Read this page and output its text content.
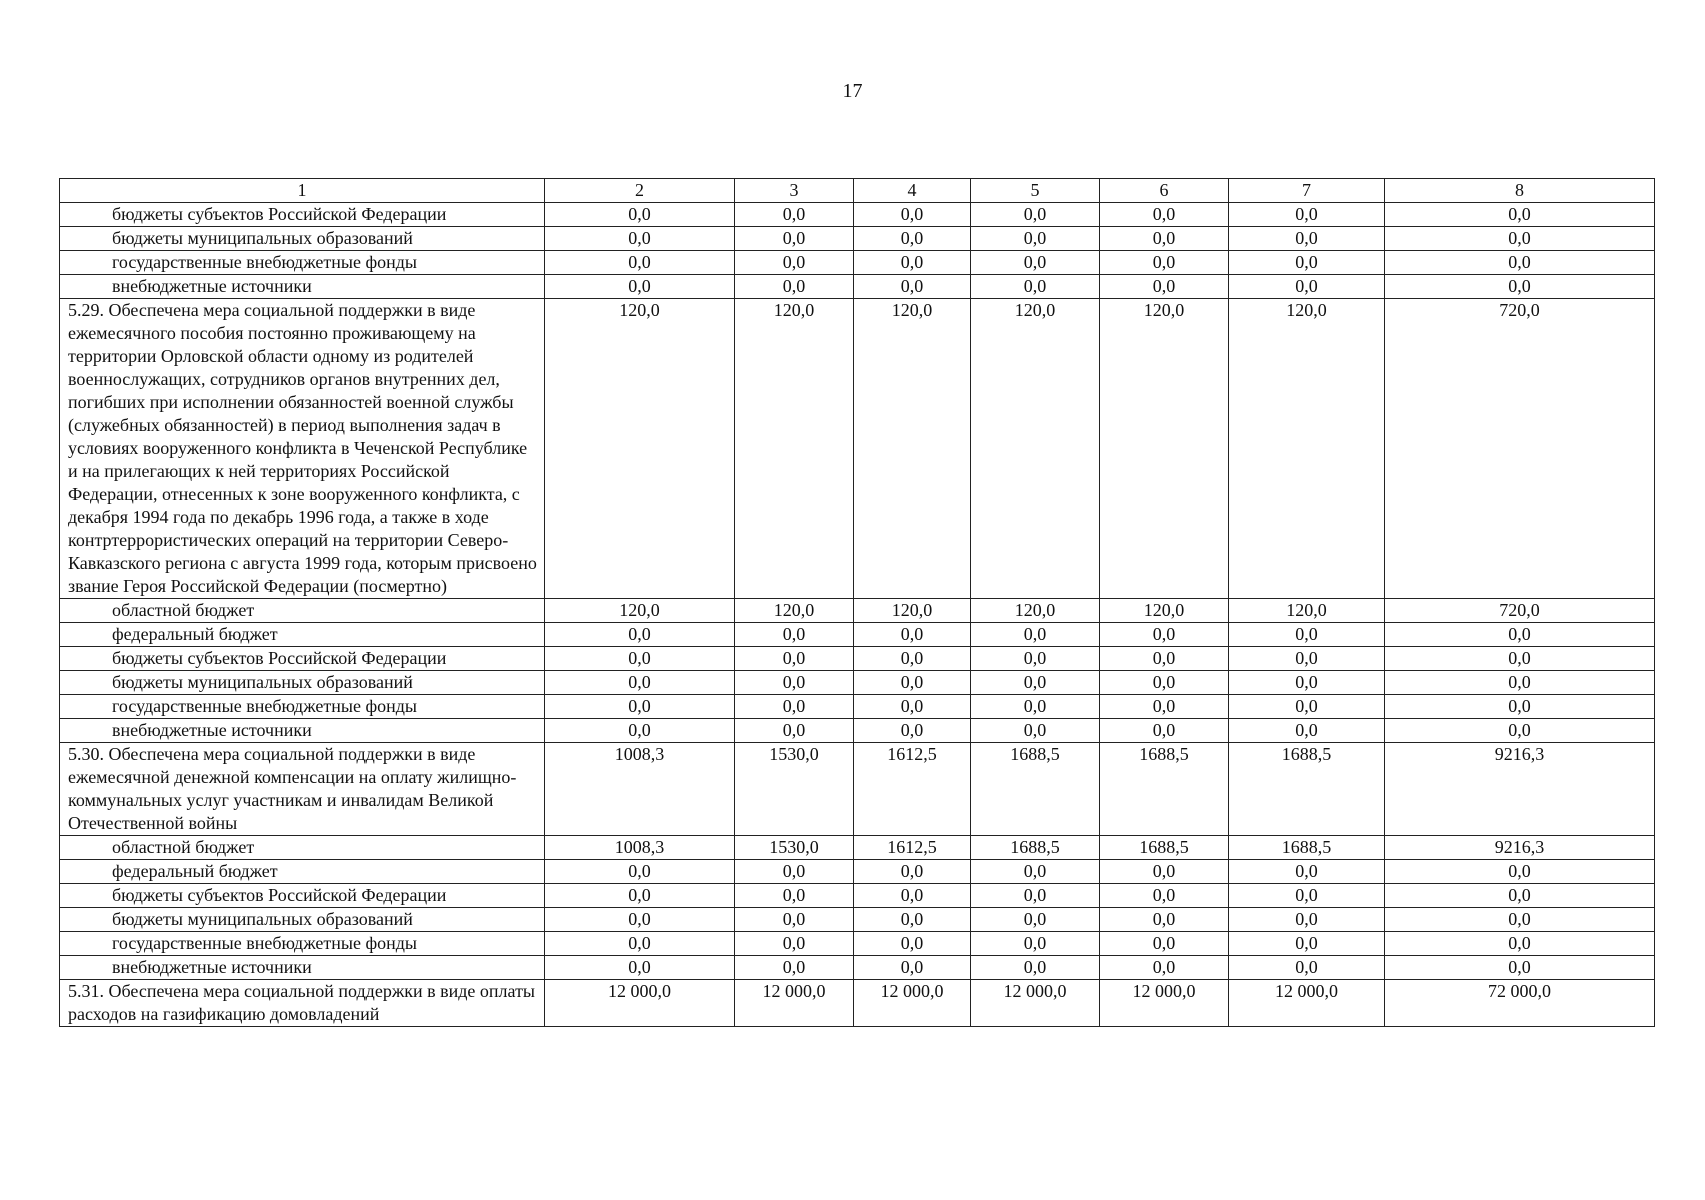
17
1	2	3	4	5	6	7	8
бюджеты субъектов Российской Федерации	0,0	0,0	0,0	0,0	0,0	0,0	0,0
бюджеты муниципальных образований	0,0	0,0	0,0	0,0	0,0	0,0	0,0
государственные внебюджетные фонды	0,0	0,0	0,0	0,0	0,0	0,0	0,0
внебюджетные источники	0,0	0,0	0,0	0,0	0,0	0,0	0,0
5.29. Обеспечена мера социальной поддержки в виде ежемесячного пособия постоянно проживающему на территории Орловской области одному из родителей военнослужащих, сотрудников органов внутренних дел, погибших при исполнении обязанностей военной службы (служебных обязанностей) в период выполнения задач в условиях вооруженного конфликта в Чеченской Республике и на прилегающих к ней территориях Российской Федерации, отнесенных к зоне вооруженного конфликта, с декабря 1994 года по декабрь 1996 года, а также в ходе контртеррористических операций на территории Северо-Кавказского региона с августа 1999 года, которым присвоено звание Героя Российской Федерации (посмертно)	120,0	120,0	120,0	120,0	120,0	120,0	720,0
областной бюджет	120,0	120,0	120,0	120,0	120,0	120,0	720,0
федеральный бюджет	0,0	0,0	0,0	0,0	0,0	0,0	0,0
бюджеты субъектов Российской Федерации	0,0	0,0	0,0	0,0	0,0	0,0	0,0
бюджеты муниципальных образований	0,0	0,0	0,0	0,0	0,0	0,0	0,0
государственные внебюджетные фонды	0,0	0,0	0,0	0,0	0,0	0,0	0,0
внебюджетные источники	0,0	0,0	0,0	0,0	0,0	0,0	0,0
5.30. Обеспечена мера социальной поддержки в виде ежемесячной денежной компенсации на оплату жилищно-коммунальных услуг участникам и инвалидам Великой Отечественной войны	1008,3	1530,0	1612,5	1688,5	1688,5	1688,5	9216,3
областной бюджет	1008,3	1530,0	1612,5	1688,5	1688,5	1688,5	9216,3
федеральный бюджет	0,0	0,0	0,0	0,0	0,0	0,0	0,0
бюджеты субъектов Российской Федерации	0,0	0,0	0,0	0,0	0,0	0,0	0,0
бюджеты муниципальных образований	0,0	0,0	0,0	0,0	0,0	0,0	0,0
государственные внебюджетные фонды	0,0	0,0	0,0	0,0	0,0	0,0	0,0
внебюджетные источники	0,0	0,0	0,0	0,0	0,0	0,0	0,0
5.31. Обеспечена мера социальной поддержки в виде оплаты расходов на газификацию домовладений	12 000,0	12 000,0	12 000,0	12 000,0	12 000,0	12 000,0	72 000,0
